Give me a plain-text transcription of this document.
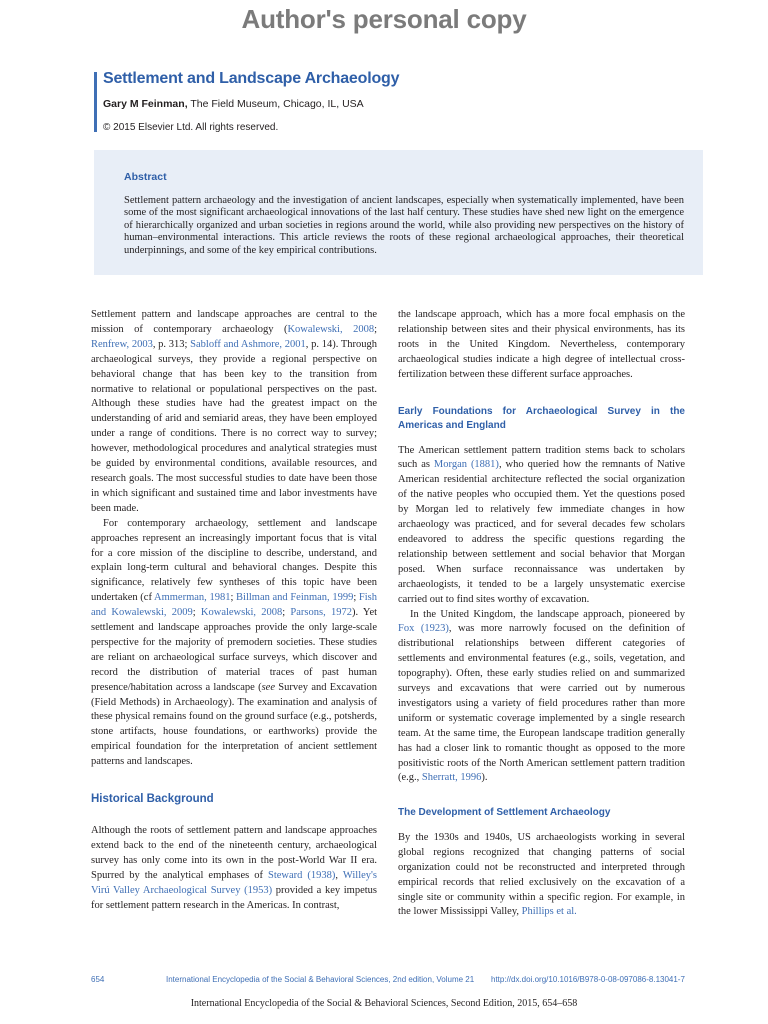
Author's personal copy
Settlement and Landscape Archaeology
Gary M Feinman, The Field Museum, Chicago, IL, USA
© 2015 Elsevier Ltd. All rights reserved.
Abstract
Settlement pattern archaeology and the investigation of ancient landscapes, especially when systematically implemented, have been some of the most significant archaeological innovations of the last half century. These studies have shed new light on the emergence of hierarchically organized and urban societies in regions around the world, while also providing new perspectives on the history of human–environmental interactions. This article reviews the roots of these regional archaeological approaches, their theoretical underpinnings, and some of the key empirical contributions.

Settlement pattern and landscape approaches are central to the mission of contemporary archaeology (Kowalewski, 2008; Renfrew, 2003, p. 313; Sabloff and Ashmore, 2001, p. 14). Through archaeological surveys, they provide a regional perspective on behavioral change that has been key to the transition from normative to relational or populational perspectives on the past. Although these studies have had the greatest impact on the understanding of arid and semiarid areas, they have been employed under a range of conditions. There is no correct way to survey; however, methodological procedures and analytical strategies must be guided by environmental conditions, available resources, and research goals. The most successful studies to date have been those in which significant and sustained time and labor investments have been made.

For contemporary archaeology, settlement and landscape approaches represent an increasingly important focus that is vital for a core mission of the discipline to describe, understand, and explain long-term cultural and behavioral changes. Despite this significance, relatively few syntheses of this topic have been undertaken (cf Ammerman, 1981; Billman and Feinman, 1999; Fish and Kowalewski, 2009; Kowalewski, 2008; Parsons, 1972). Yet settlement and landscape approaches provide the only large-scale perspective for the majority of premodern societies. These studies are reliant on archaeological surface surveys, which discover and record the distribution of material traces of past human presence/habitation across a landscape (see Survey and Excavation (Field Methods) in Archaeology). The examination and analysis of these physical remains found on the ground surface (e.g., potsherds, stone artifacts, house foundations, or earthworks) provide the empirical foundation for the interpretation of ancient settlement patterns and landscapes.

Historical Background

Although the roots of settlement pattern and landscape approaches extend back to the end of the nineteenth century, archaeological survey has only come into its own in the post-World War II era. Spurred by the analytical emphases of Steward (1938), Willey's Virú Valley Archaeological Survey (1953) provided a key impetus for settlement pattern research in the Americas. In contrast,

the landscape approach, which has a more focal emphasis on the relationship between sites and their physical environments, has its roots in the United Kingdom. Nevertheless, contemporary archaeological studies indicate a high degree of intellectual cross-fertilization between these different surface approaches.

Early Foundations for Archaeological Survey in the Americas and England

The American settlement pattern tradition stems back to scholars such as Morgan (1881), who queried how the remnants of Native American residential architecture reflected the social organization of the native peoples who occupied them. Yet the questions posed by Morgan led to relatively few immediate changes in how archaeology was practiced, and for several decades few scholars endeavored to address the specific questions regarding the relationship between settlement and social behavior that Morgan posed. When surface reconnaissance was undertaken by archaeologists, it tended to be a largely unsystematic exercise carried out to find sites worthy of excavation.

In the United Kingdom, the landscape approach, pioneered by Fox (1923), was more narrowly focused on the definition of distributional relationships between different categories of settlements and environmental features (e.g., soils, vegetation, and topography). Often, these early studies relied on and summarized surveys and excavations that were carried out by numerous investigators using a variety of field procedures rather than more uniform or systematic coverage implemented by a single research team. At the same time, the European landscape tradition generally has had a closer link to romantic thought as opposed to the more positivistic roots of the North American settlement pattern tradition (e.g., Sherratt, 1996).

The Development of Settlement Archaeology

By the 1930s and 1940s, US archaeologists working in several global regions recognized that changing patterns of social organization could not be reconstructed and interpreted through empirical records that relied exclusively on the excavation of a single site or community within a specific region. For example, in the lower Mississippi Valley, Phillips et al.

654	International Encyclopedia of the Social & Behavioral Sciences, 2nd edition, Volume 21 http://dx.doi.org/10.1016/B978-0-08-097086-8.13041-7
International Encyclopedia of the Social & Behavioral Sciences, Second Edition, 2015, 654–658
